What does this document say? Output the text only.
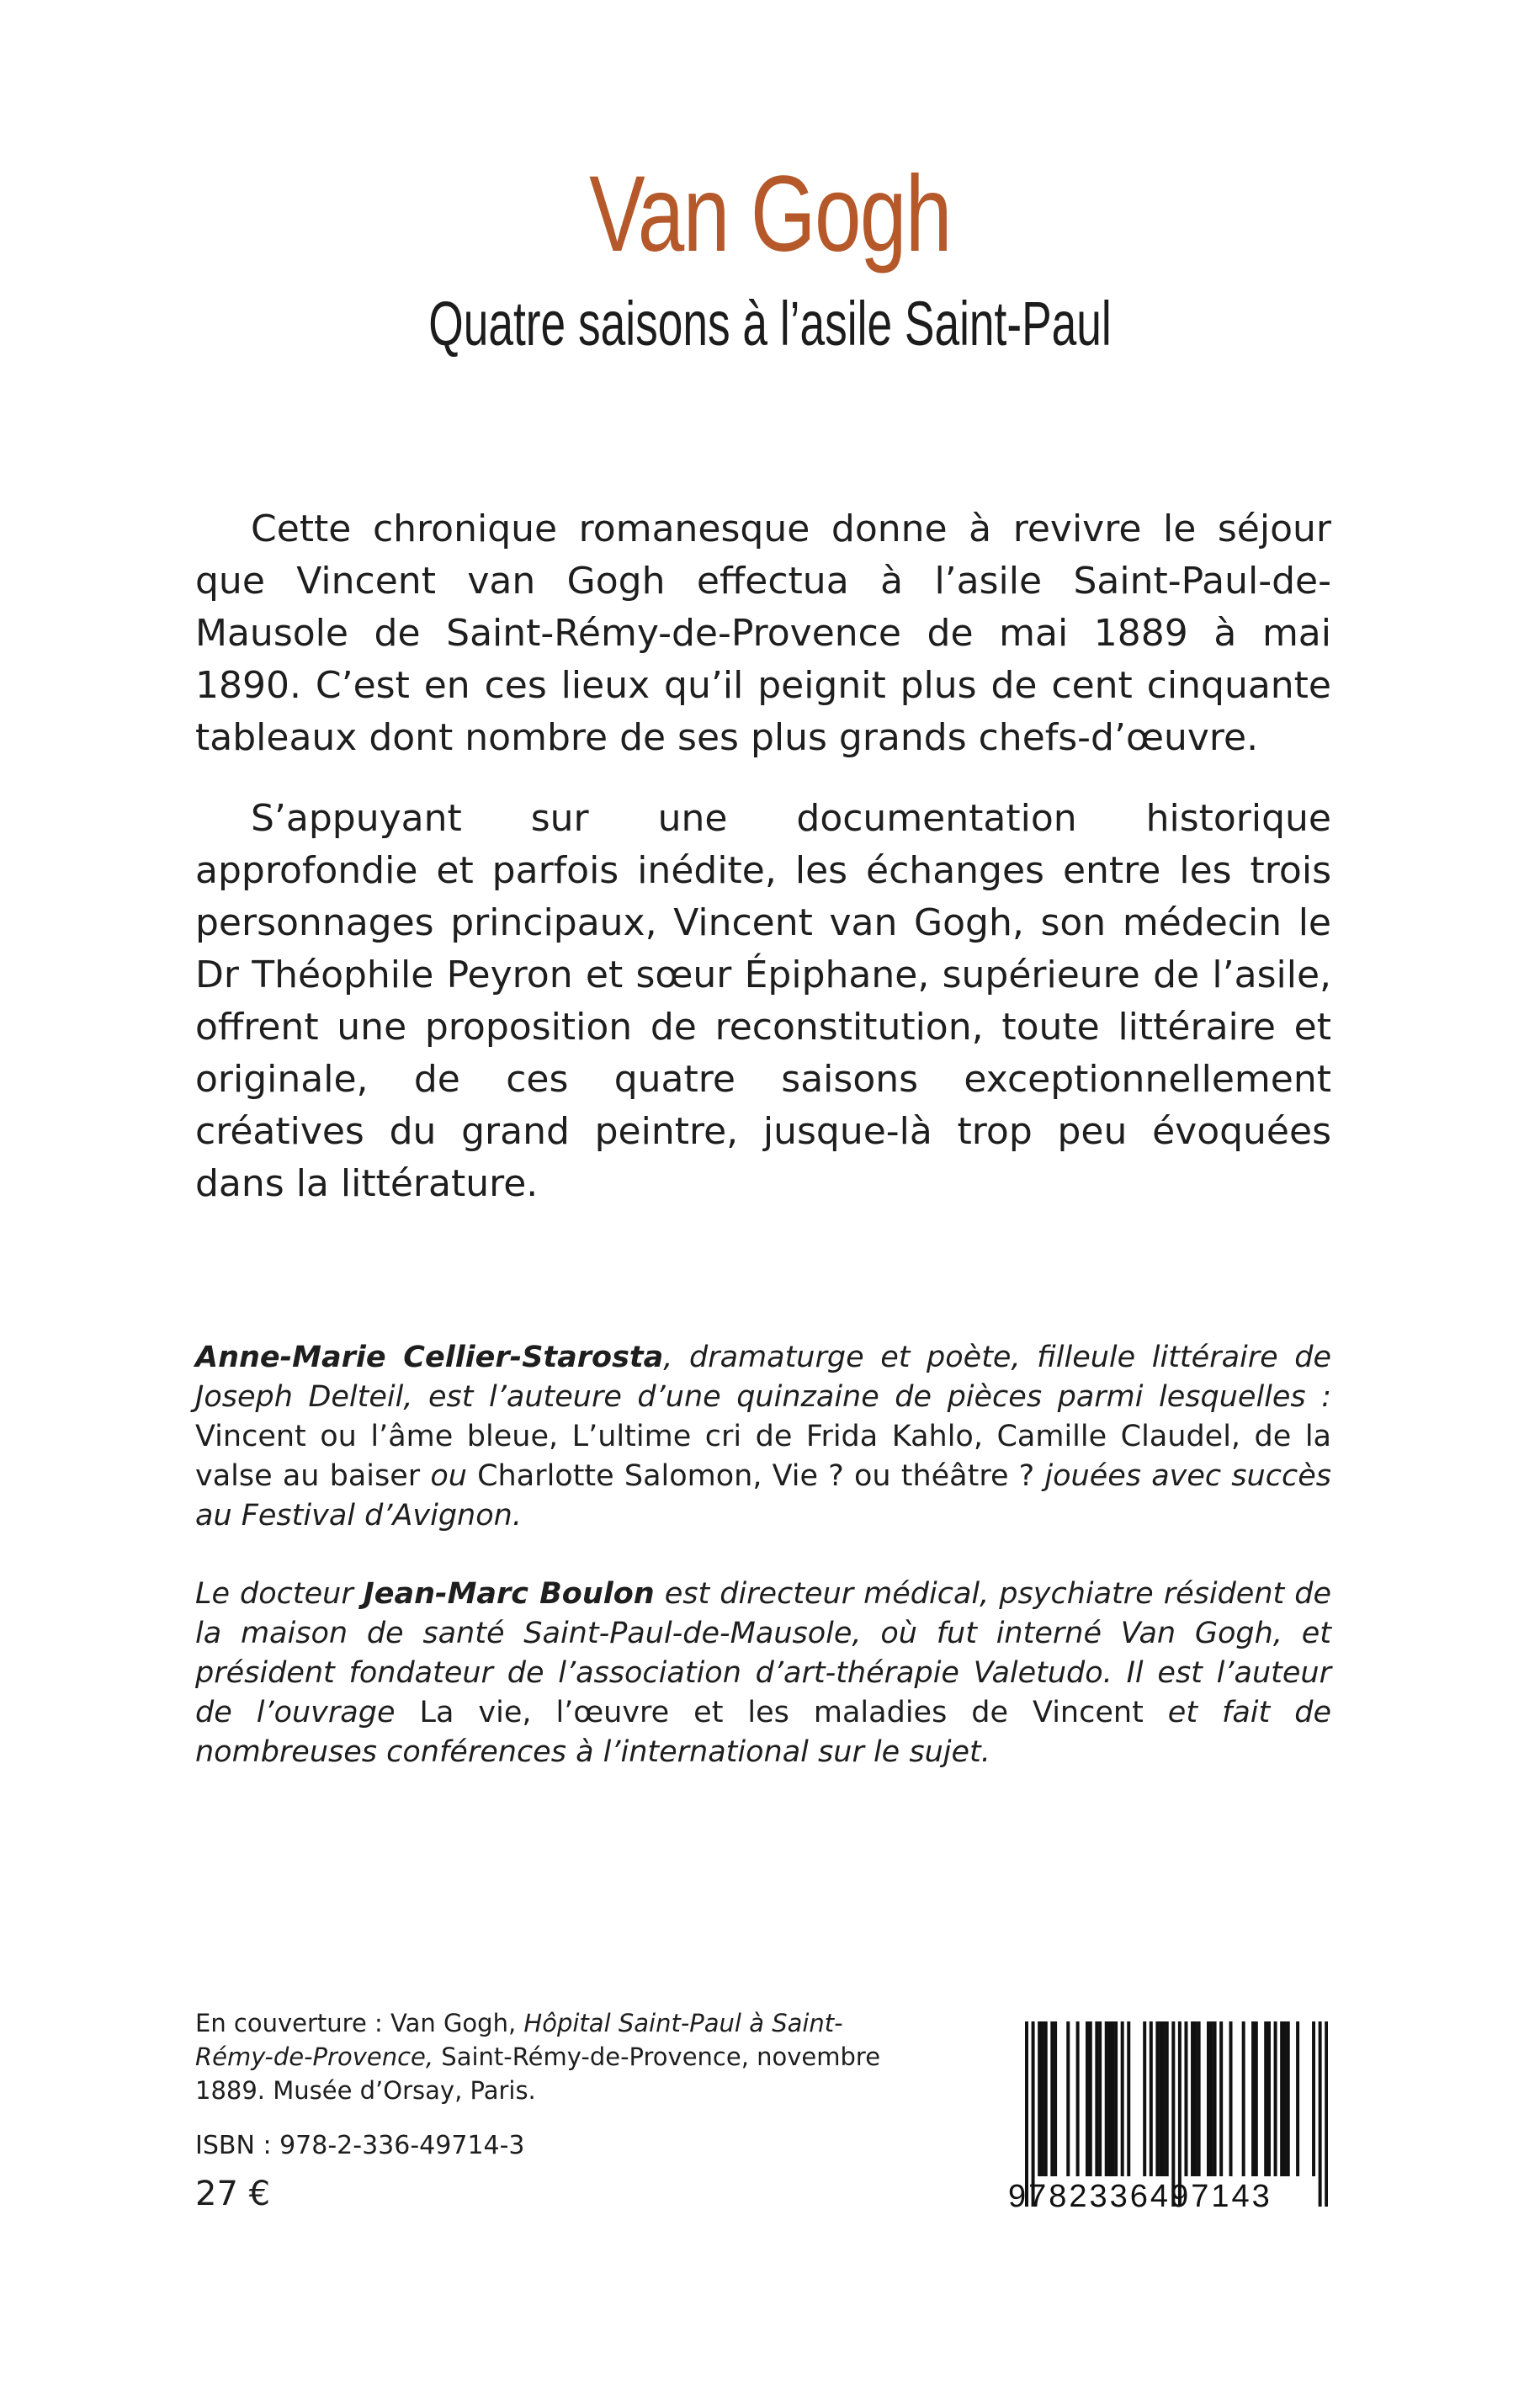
Van Gogh
Quatre saisons à l’asile Saint-Paul

Cette chronique romanesque donne à revivre le séjour que Vincent van Gogh effectua à l’asile Saint-Paul-de-Mausole de Saint-Rémy-de-Provence de mai 1889 à mai 1890. C’est en ces lieux qu’il peignit plus de cent cinquante tableaux dont nombre de ses plus grands chefs-d’œuvre.

S’appuyant sur une documentation historique approfondie et parfois inédite, les échanges entre les trois personnages principaux, Vincent van Gogh, son médecin le Dr Théophile Peyron et sœur Épiphane, supérieure de l’asile, offrent une proposition de reconstitution, toute littéraire et originale, de ces quatre saisons exceptionnellement créatives du grand peintre, jusque-là trop peu évoquées dans la littérature.

Anne-Marie Cellier-Starosta, dramaturge et poète, filleule littéraire de Joseph Delteil, est l’auteure d’une quinzaine de pièces parmi lesquelles : Vincent ou l’âme bleue, L’ultime cri de Frida Kahlo, Camille Claudel, de la valse au baiser ou Charlotte Salomon, Vie ? ou théâtre ? jouées avec succès au Festival d’Avignon.

Le docteur Jean-Marc Boulon est directeur médical, psychiatre résident de la maison de santé Saint-Paul-de-Mausole, où fut interné Van Gogh, et président fondateur de l’association d’art-thérapie Valetudo. Il est l’auteur de l’ouvrage La vie, l’œuvre et les maladies de Vincent et fait de nombreuses conférences à l’international sur le sujet.

En couverture : Van Gogh, Hôpital Saint-Paul à Saint-Rémy-de-Provence, Saint-Rémy-de-Provence, novembre 1889. Musée d’Orsay, Paris.
ISBN : 978-2-336-49714-3
27 €	9782336497143
